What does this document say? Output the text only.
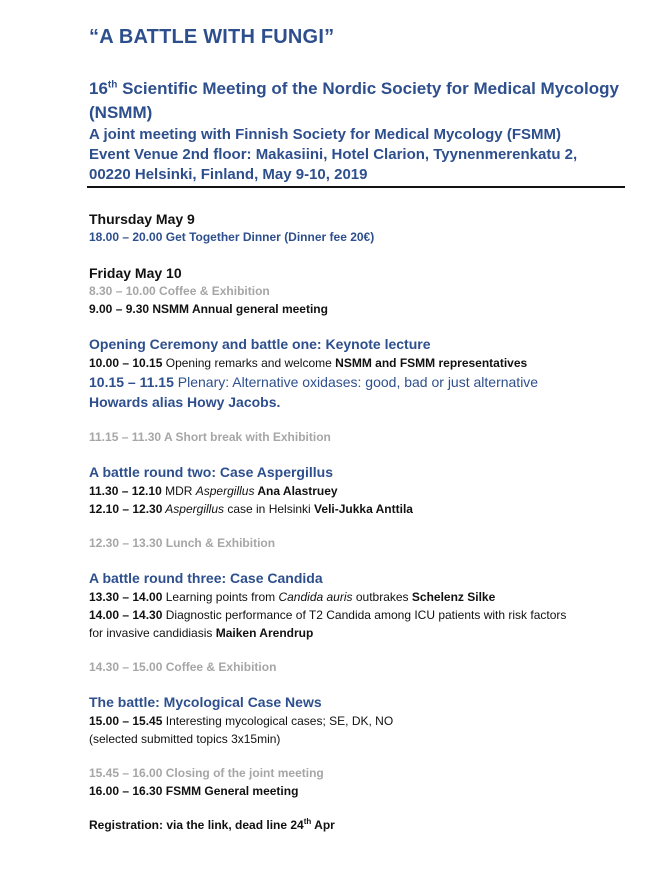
“A BATTLE WITH FUNGI”
16th Scientific Meeting of the Nordic Society for Medical Mycology (NSMM)
A joint meeting with Finnish Society for Medical Mycology (FSMM)
Event Venue 2nd floor: Makasiini, Hotel Clarion, Tyynenmerenkatu 2,
00220 Helsinki, Finland, May 9-10, 2019
Thursday May 9
18.00 – 20.00 Get Together Dinner (Dinner fee 20€)
Friday May 10
8.30 – 10.00 Coffee & Exhibition
9.00 – 9.30 NSMM Annual general meeting
Opening Ceremony and battle one: Keynote lecture
10.00 – 10.15 Opening remarks and welcome NSMM and FSMM representatives
10.15 – 11.15 Plenary: Alternative oxidases: good, bad or just alternative
Howards alias Howy Jacobs.
11.15 – 11.30 A Short break with Exhibition
A battle round two: Case Aspergillus
11.30 – 12.10 MDR Aspergillus Ana Alastruey
12.10 – 12.30 Aspergillus case in Helsinki Veli-Jukka Anttila
12.30 – 13.30 Lunch & Exhibition
A battle round three: Case Candida
13.30 – 14.00 Learning points from Candida auris outbrakes Schelenz Silke
14.00 – 14.30 Diagnostic performance of T2 Candida among ICU patients with risk factors
for invasive candidiasis Maiken Arendrup
14.30 – 15.00 Coffee & Exhibition
The battle: Mycological Case News
15.00 – 15.45 Interesting mycological cases; SE, DK, NO
(selected submitted topics 3x15min)
15.45 – 16.00 Closing of the joint meeting
16.00 – 16.30 FSMM General meeting
Registration: via the link, dead line 24th Apr
